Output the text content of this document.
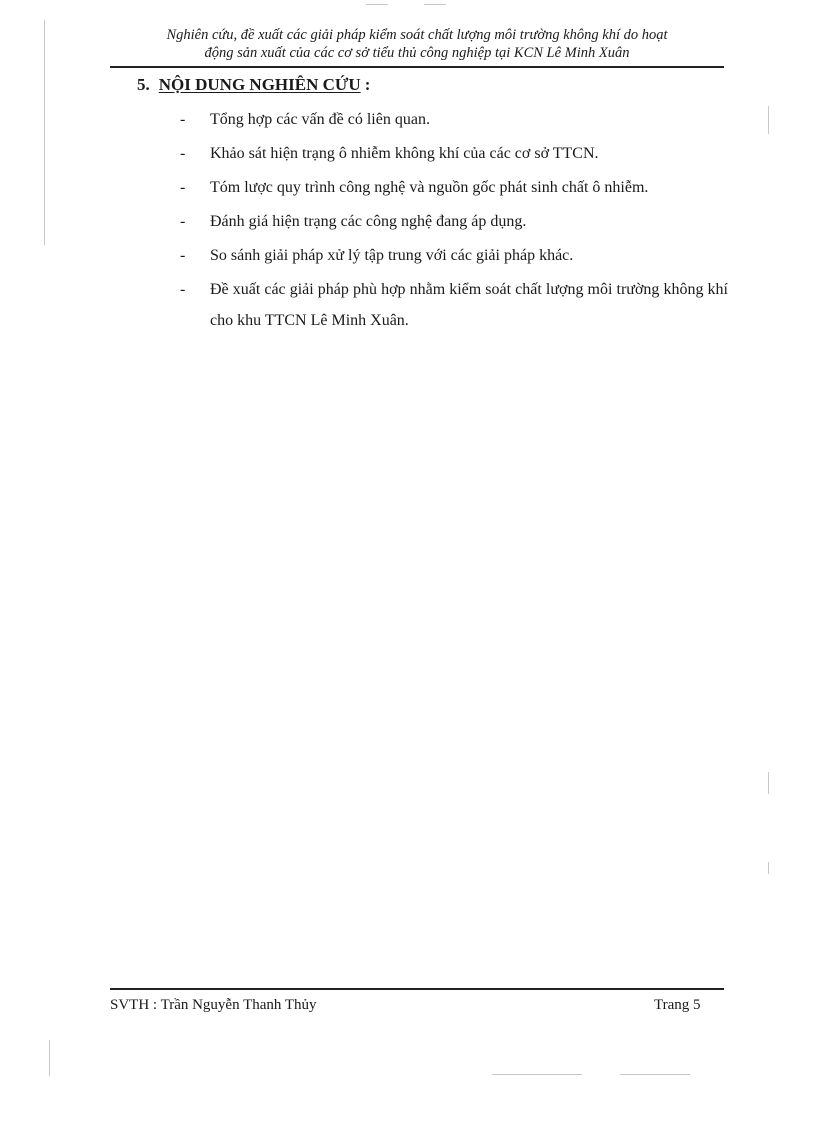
Nghiên cứu, đề xuất các giải pháp kiểm soát chất lượng môi trường không khí do hoạt
động sản xuất của các cơ sở tiểu thủ công nghiệp tại KCN Lê Minh Xuân
5. NỘI DUNG NGHIÊN CỨU :
-	Tổng hợp các vấn đề có liên quan.
-	Khảo sát hiện trạng ô nhiễm không khí của các cơ sở TTCN.
-	Tóm lược quy trình công nghệ và nguồn gốc phát sinh chất ô nhiễm.
-	Đánh giá hiện trạng các công nghệ đang áp dụng.
-	So sánh giải pháp xử lý tập trung với các giải pháp khác.
-	Đề xuất các giải pháp phù hợp nhằm kiểm soát chất lượng môi trường không khí cho khu TTCN Lê Minh Xuân.
SVTH : Trần Nguyễn Thanh Thủy	Trang 5
